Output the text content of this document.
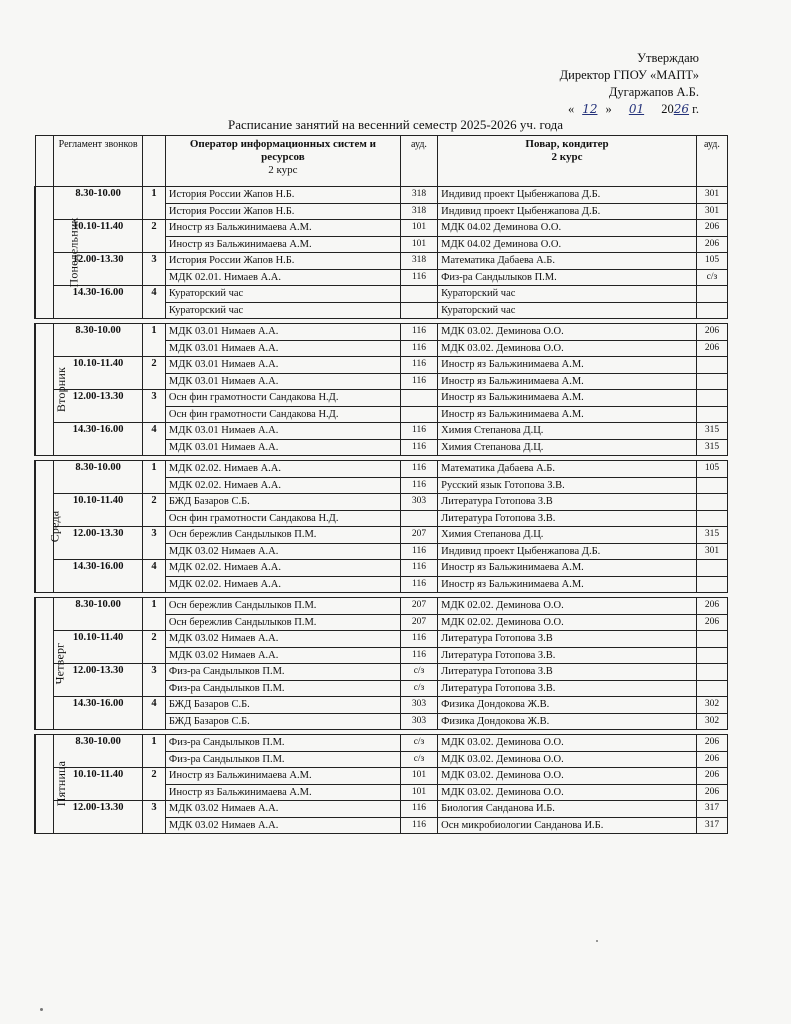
Утверждаю
Директор ГПОУ «МАПТ»
Дугаржапов А.Б.
« 12 » 01 2026 г.
Расписание занятий на весенний семестр 2025-2026 уч. года
	Регламент звонков		Оператор информационных систем и ресурсов
2 курс	ауд.	Повар, кондитер
2 курс	ауд.
Понедельник	8.30-10.00	1	История России Жапов Н.Б.	318	Индивид проект Цыбенжапова Д.Б.	301
			История России Жапов Н.Б.	318	Индивид проект Цыбенжапова Д.Б.	301
	10.10-11.40	2	Иностр яз Бальжинимаева А.М.	101	МДК 04.02 Деминова О.О.	206
			Иностр яз Бальжинимаева А.М.	101	МДК 04.02 Деминова О.О.	206
	12.00-13.30	3	История России Жапов Н.Б.	318	Математика Дабаева А.Б.	105
			МДК 02.01. Нимаев А.А.	116	Физ-ра Сандылыков П.М.	с/з
	14.30-16.00	4	Кураторский час		Кураторский час	
			Кураторский час		Кураторский час	

Вторник	8.30-10.00	1	МДК 03.01 Нимаев А.А.	116	МДК 03.02. Деминова О.О.	206
			МДК 03.01 Нимаев А.А.	116	МДК 03.02. Деминова О.О.	206
	10.10-11.40	2	МДК 03.01 Нимаев А.А.	116	Иностр яз Бальжинимаева А.М.	
			МДК 03.01 Нимаев А.А.	116	Иностр яз Бальжинимаева А.М.	
	12.00-13.30	3	Осн фин грамотности Сандакова Н.Д.		Иностр яз Бальжинимаева А.М.	
			Осн фин грамотности Сандакова Н.Д.		Иностр яз Бальжинимаева А.М.	
	14.30-16.00	4	МДК 03.01 Нимаев А.А.	116	Химия Степанова Д.Ц.	315
			МДК 03.01 Нимаев А.А.	116	Химия Степанова Д.Ц.	315

Среда	8.30-10.00	1	МДК 02.02. Нимаев А.А.	116	Математика Дабаева А.Б.	105
			МДК 02.02. Нимаев А.А.	116	Русский язык Готопова З.В.	
	10.10-11.40	2	БЖД Базаров С.Б.	303	Литература Готопова З.В	
			Осн фин грамотности Сандакова Н.Д.		Литература Готопова З.В.	
	12.00-13.30	3	Осн бережлив Сандылыков П.М.	207	Химия Степанова Д.Ц.	315
			МДК 03.02 Нимаев А.А.	116	Индивид проект Цыбенжапова Д.Б.	301
	14.30-16.00	4	МДК 02.02. Нимаев А.А.	116	Иностр яз Бальжинимаева А.М.	
			МДК 02.02. Нимаев А.А.	116	Иностр яз Бальжинимаева А.М.	

Четверг	8.30-10.00	1	Осн бережлив Сандылыков П.М.	207	МДК 02.02. Деминова О.О.	206
			Осн бережлив Сандылыков П.М.	207	МДК 02.02. Деминова О.О.	206
	10.10-11.40	2	МДК 03.02 Нимаев А.А.	116	Литература Готопова З.В	
			МДК 03.02 Нимаев А.А.	116	Литература Готопова З.В.	
	12.00-13.30	3	Физ-ра Сандылыков П.М.	с/з	Литература Готопова З.В	
			Физ-ра Сандылыков П.М.	с/з	Литература Готопова З.В.	
	14.30-16.00	4	БЖД Базаров С.Б.	303	Физика Дондокова Ж.В.	302
			БЖД Базаров С.Б.	303	Физика Дондокова Ж.В.	302

Пятница	8.30-10.00	1	Физ-ра Сандылыков П.М.	с/з	МДК 03.02. Деминова О.О.	206
			Физ-ра Сандылыков П.М.	с/з	МДК 03.02. Деминова О.О.	206
	10.10-11.40	2	Иностр яз Бальжинимаева А.М.	101	МДК 03.02. Деминова О.О.	206
			Иностр яз Бальжинимаева А.М.	101	МДК 03.02. Деминова О.О.	206
	12.00-13.30	3	МДК 03.02 Нимаев А.А.	116	Биология Санданова И.Б.	317
			МДК 03.02 Нимаев А.А.	116	Осн микробиологии Санданова И.Б.	317
